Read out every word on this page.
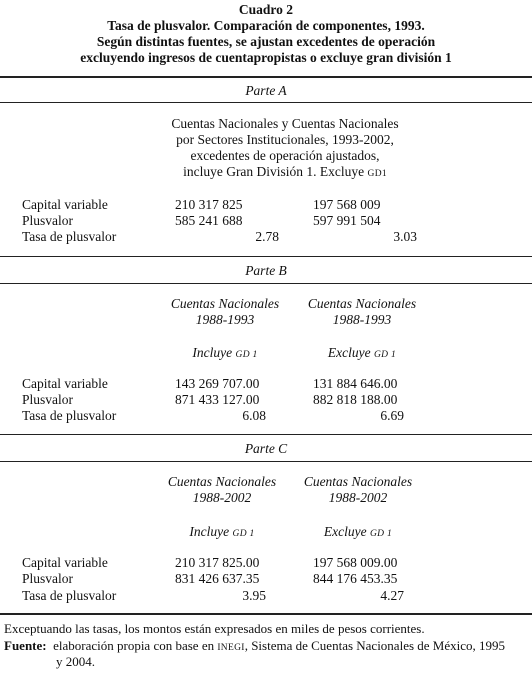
Cuadro 2
Tasa de plusvalor. Comparación de componentes, 1993.
Según distintas fuentes, se ajustan excedentes de operación
excluyendo ingresos de cuentapropistas o excluye gran división 1
Parte A
Cuentas Nacionales y Cuentas Nacionales
por Sectores Institucionales, 1993-2002,
excedentes de operación ajustados,
incluye Gran División 1. Excluye GD1
Capital variable	210 317 825	197 568 009
Plusvalor	585 241 688	597 991 504
Tasa de plusvalor	2.78	3.03
Parte B
Cuentas Nacionales
1988-1993
Cuentas Nacionales
1988-1993
Incluye GD 1	Excluye GD 1
Capital variable	143 269 707.00	131 884 646.00
Plusvalor	871 433 127.00	882 818 188.00
Tasa de plusvalor	6.08	6.69
Parte C
Cuentas Nacionales
1988-2002
Cuentas Nacionales
1988-2002
Incluye GD 1	Excluye GD 1
Capital variable	210 317 825.00	197 568 009.00
Plusvalor	831 426 637.35	844 176 453.35
Tasa de plusvalor	3.95	4.27
Exceptuando las tasas, los montos están expresados en miles de pesos corrientes.
Fuente: elaboración propia con base en INEGI, Sistema de Cuentas Nacionales de México, 1995
y 2004.
